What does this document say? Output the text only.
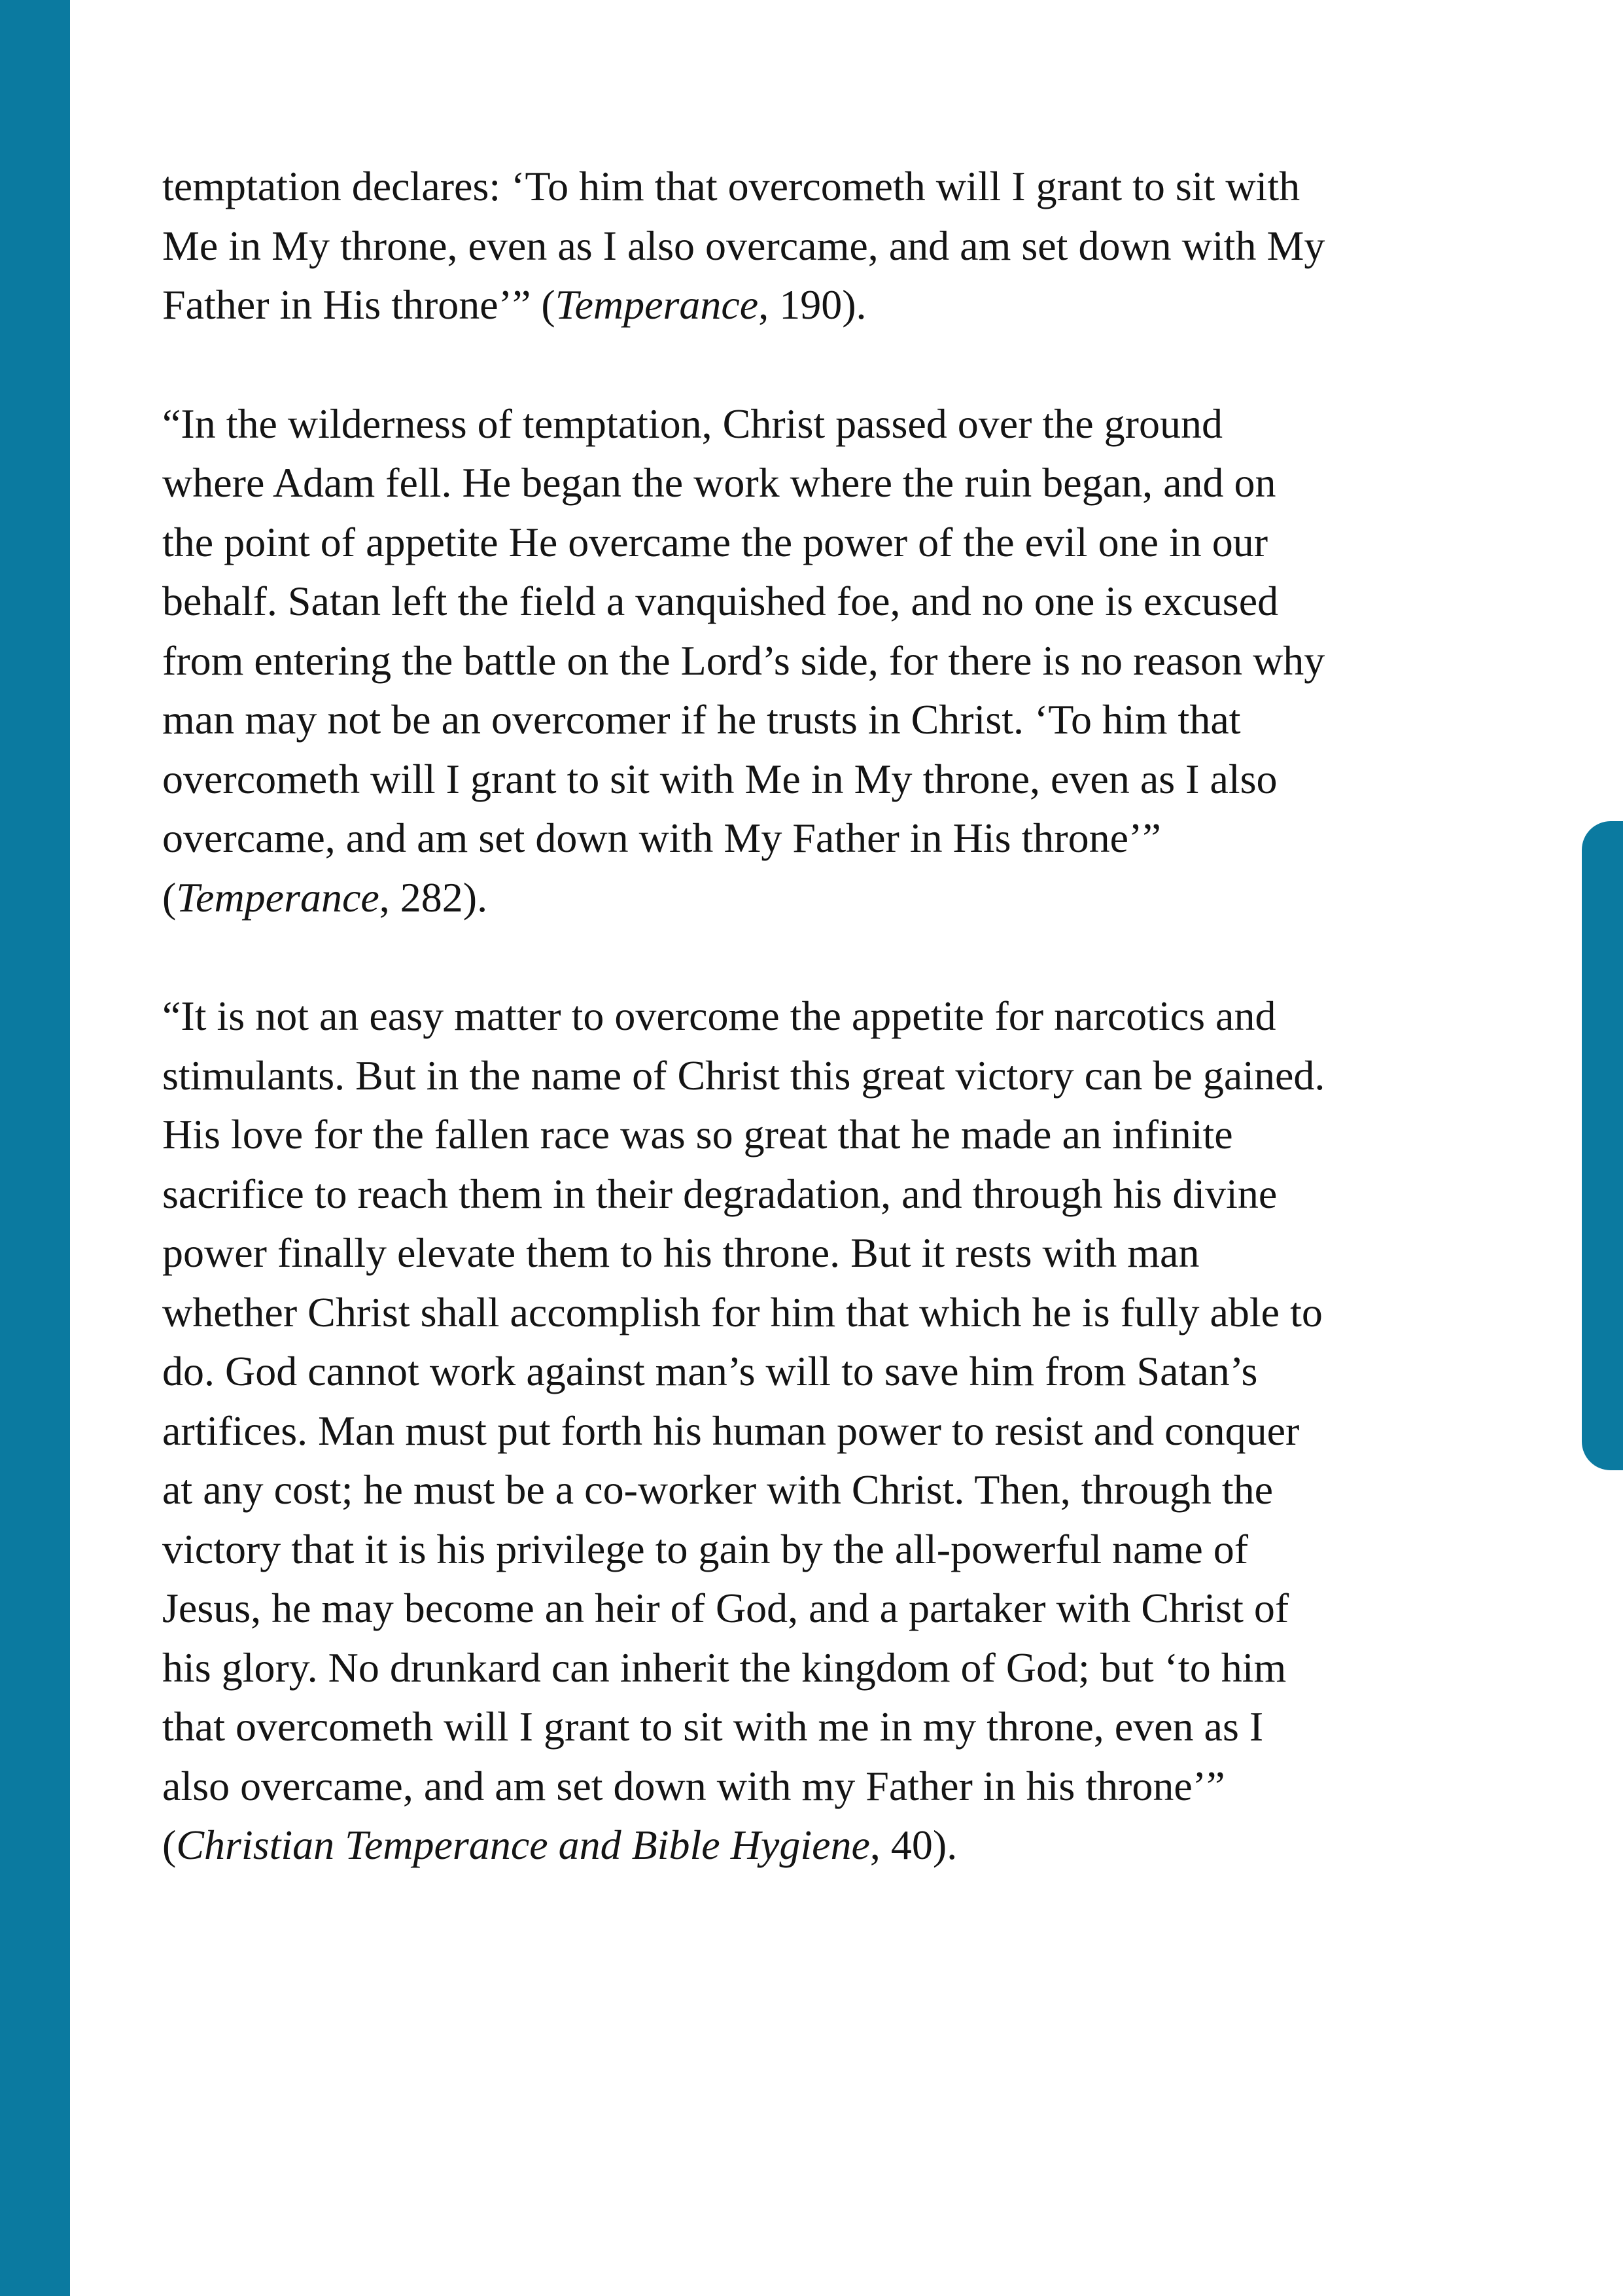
temptation declares: ‘To him that overcometh will I grant to sit with
Me in My throne, even as I also overcame, and am set down with My
Father in His throne’” (Temperance, 190).
“In the wilderness of temptation, Christ passed over the ground
where Adam fell. He began the work where the ruin began, and on
the point of appetite He overcame the power of the evil one in our
behalf. Satan left the field a vanquished foe, and no one is excused
from entering the battle on the Lord’s side, for there is no reason why
man may not be an overcomer if he trusts in Christ. ‘To him that
overcometh will I grant to sit with Me in My throne, even as I also
overcame, and am set down with My Father in His throne’”
(Temperance, 282).
“It is not an easy matter to overcome the appetite for narcotics and
stimulants. But in the name of Christ this great victory can be gained.
His love for the fallen race was so great that he made an infinite
sacrifice to reach them in their degradation, and through his divine
power finally elevate them to his throne. But it rests with man
whether Christ shall accomplish for him that which he is fully able to
do. God cannot work against man’s will to save him from Satan’s
artifices. Man must put forth his human power to resist and conquer
at any cost; he must be a co-worker with Christ. Then, through the
victory that it is his privilege to gain by the all-powerful name of
Jesus, he may become an heir of God, and a partaker with Christ of
his glory. No drunkard can inherit the kingdom of God; but ‘to him
that overcometh will I grant to sit with me in my throne, even as I
also overcame, and am set down with my Father in his throne’”
(Christian Temperance and Bible Hygiene, 40).
